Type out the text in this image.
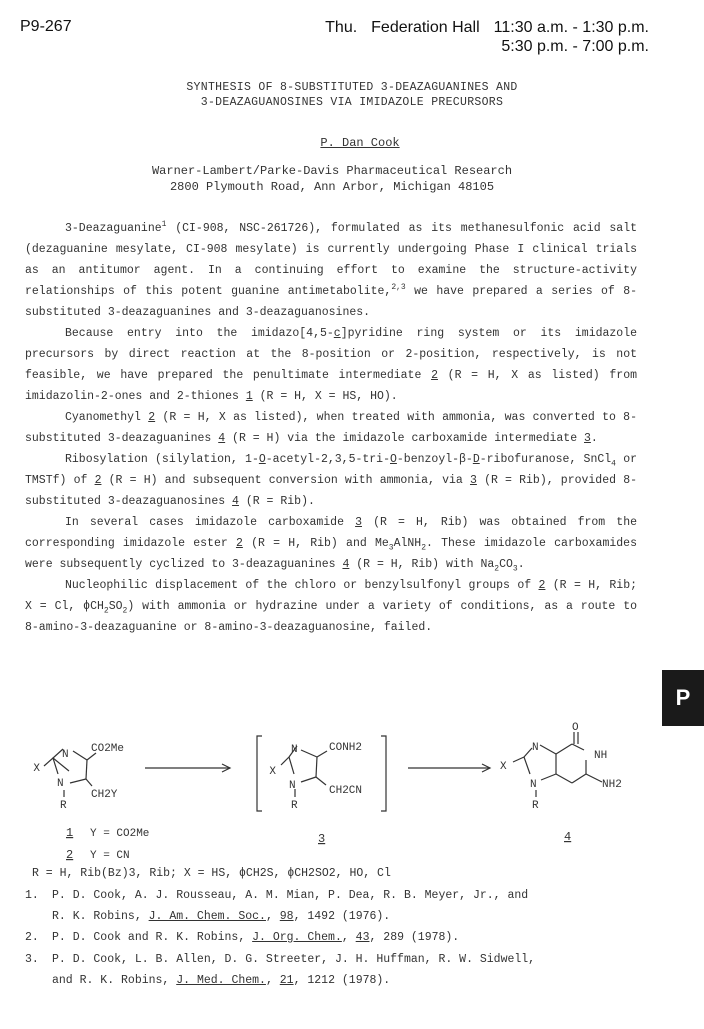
P9-267	Thu. Federation Hall 11:30 a.m. - 1:30 p.m.
5:30 p.m. - 7:00 p.m.
SYNTHESIS OF 8-SUBSTITUTED 3-DEAZAGUANINES AND
3-DEAZAGUANOSINES VIA IMIDAZOLE PRECURSORS
P. Dan Cook
Warner-Lambert/Parke-Davis Pharmaceutical Research
2800 Plymouth Road, Ann Arbor, Michigan 48105

3-Deazaguanine$^1$ (CI-908, NSC-261726), formulated as its methanesulfonic acid salt (dezaguanine mesylate, CI-908 mesylate) is currently undergoing Phase I clinical trials as an antitumor agent. In a continuing effort to examine the structure-activity relationships of this potent guanine antimetabolite,$^{2,3}$ we have prepared a series of 8-substituted 3-deazaguanines and 3-deazaguanosines.

Because entry into the imidazo[4,5-c]pyridine ring system or its imidazole precursors by direct reaction at the 8-position or 2-position, respectively, is not feasible, we have prepared the penultimate intermediate 2 (R = H, X as listed) from imidazolin-2-ones and 2-thiones 1 (R = H, X = HS, HO).

Cyanomethyl 2 (R = H, X as listed), when treated with ammonia, was converted to 8-substituted 3-deazaguanines 4 (R = H) via the imidazole carboxamide intermediate 3.

Ribosylation (silylation, 1-O-acetyl-2,3,5-tri-O-benzoyl-β-D-ribofuranose, SnCl$_4$ or TMSTf) of 2 (R = H) and subsequent conversion with ammonia, via 3 (R = Rib), provided 8-substituted 3-deazaguanosines 4 (R = Rib).

In several cases imidazole carboxamide 3 (R = H, Rib) was obtained from the corresponding imidazole ester 2 (R = H, Rib) and $Me_3AlNH_2$. These imidazole carboxamides were subsequently cyclized to 3-deazaguanines 4 (R = H, Rib) with $Na_2CO_3$.

Nucleophilic displacement of the chloro or benzylsulfonyl groups of 2 (R = H, Rib; X = Cl, $\phi CH_2SO_2$) with ammonia or hydrazine under a variety of conditions, as a route to 8-amino-3-deazaguanine or 8-amino-3-deazaguanosine, failed.

P
X
N
N
CO2Me
CH2Y
R
X
N
N
CONH2
CH2CN
R
X
N
N
O
NH
NH2
R
1 Y = CO2Me
2 Y = CN
3	4
R = H, Rib(Bz)3, Rib; X = HS, ϕCH2S, ϕCH2SO2, HO, Cl
1. P. D. Cook, A. J. Rousseau, A. M. Mian, P. Dea, R. B. Meyer, Jr., and
R. K. Robins, J. Am. Chem. Soc., 98, 1492 (1976).
2. P. D. Cook and R. K. Robins, J. Org. Chem., 43, 289 (1978).
3. P. D. Cook, L. B. Allen, D. G. Streeter, J. H. Huffman, R. W. Sidwell,
and R. K. Robins, J. Med. Chem., 21, 1212 (1978).
